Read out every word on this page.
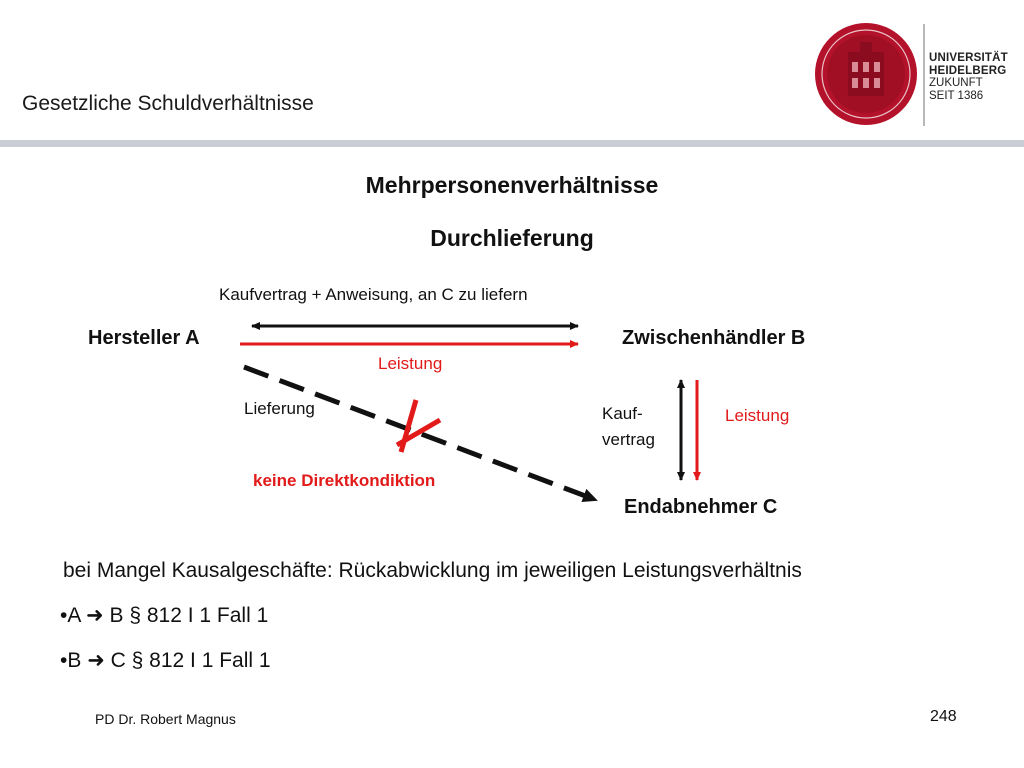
Gesetzliche Schuldverhältnisse
UNIVERSITÄT
HEIDELBERG
ZUKUNFT
SEIT 1386
Mehrpersonenverhältnisse
Durchlieferung
Kaufvertrag + Anweisung, an C zu liefern
Hersteller A	Zwischenhändler B
Leistung
Lieferung	Kauf-
vertrag
Leistung
keine Direktkondiktion
Endabnehmer C
bei Mangel Kausalgeschäfte: Rückabwicklung im jeweiligen Leistungsverhältnis
•A ➜ B § 812 I 1 Fall 1
•B ➜ C § 812 I 1 Fall 1
PD Dr. Robert Magnus	248
